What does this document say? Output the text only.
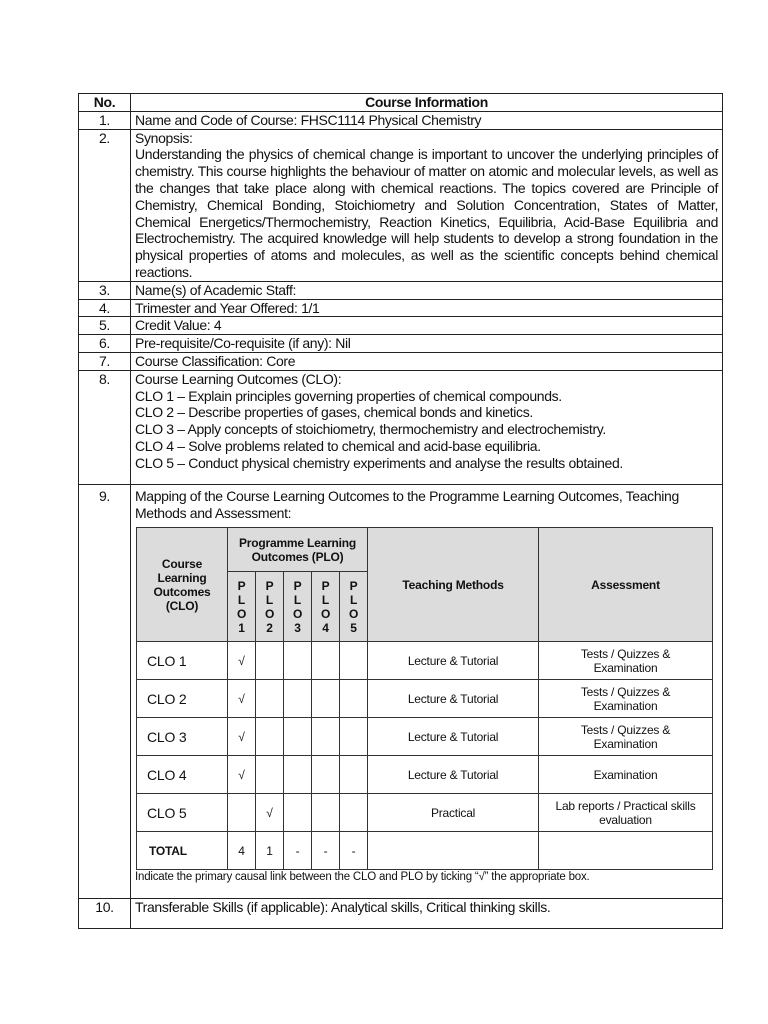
No.	Course Information
1.	Name and Code of Course: FHSC1114 Physical Chemistry
2.	Synopsis:
Understanding the physics of chemical change is important to uncover the underlying principles of chemistry. This course highlights the behaviour of matter on atomic and molecular levels, as well as the changes that take place along with chemical reactions. The topics covered are Principle of Chemistry, Chemical Bonding, Stoichiometry and Solution Concentration, States of Matter, Chemical Energetics/Thermochemistry, Reaction Kinetics, Equilibria, Acid-Base Equilibria and Electrochemistry. The acquired knowledge will help students to develop a strong foundation in the physical properties of atoms and molecules, as well as the scientific concepts behind chemical reactions.

3.	Name(s) of Academic Staff:
4.	Trimester and Year Offered: 1/1
5.	Credit Value: 4
6.	Pre-requisite/Co-requisite (if any): Nil
7.	Course Classification: Core
8.	Course Learning Outcomes (CLO):
CLO 1 – Explain principles governing properties of chemical compounds.
CLO 2 – Describe properties of gases, chemical bonds and kinetics.
CLO 3 – Apply concepts of stoichiometry, thermochemistry and electrochemistry.
CLO 4 – Solve problems related to chemical and acid-base equilibria.
CLO 5 – Conduct physical chemistry experiments and analyse the results obtained.

9.	Mapping of the Course Learning Outcomes to the Programme Learning Outcomes, Teaching Methods and Assessment:
Course Learning Outcomes (CLO)	Programme Learning Outcomes (PLO)	Teaching Methods	Assessment
P L O 1	P L O 2	P L O 3	P L O 4	P L O 5
CLO 1	√					Lecture & Tutorial	Tests / Quizzes & Examination
CLO 2	√					Lecture & Tutorial	Tests / Quizzes & Examination
CLO 3	√					Lecture & Tutorial	Tests / Quizzes & Examination
CLO 4	√					Lecture & Tutorial	Examination
CLO 5		√				Practical	Lab reports / Practical skills evaluation
TOTAL	4	1	-	-	-		
Indicate the primary causal link between the CLO and PLO by ticking “√” the appropriate box.

10.	Transferable Skills (if applicable): Analytical skills, Critical thinking skills.
